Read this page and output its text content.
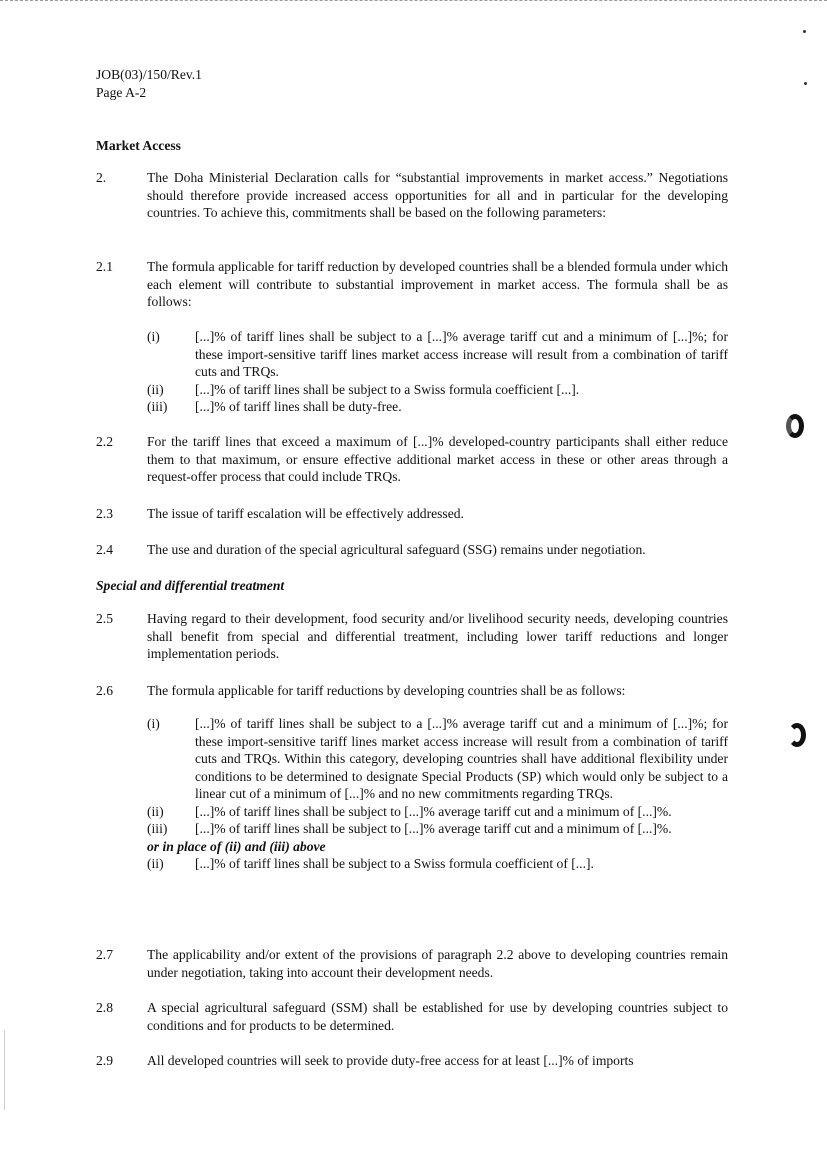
JOB(03)/150/Rev.1
Page A-2
Market Access
2.	The Doha Ministerial Declaration calls for “substantial improvements in market access.” Negotiations should therefore provide increased access opportunities for all and in particular for the developing countries. To achieve this, commitments shall be based on the following parameters:
2.1	The formula applicable for tariff reduction by developed countries shall be a blended formula under which each element will contribute to substantial improvement in market access. The formula shall be as follows:
(i)	[...]% of tariff lines shall be subject to a [...]% average tariff cut and a minimum of [...]%; for these import-sensitive tariff lines market access increase will result from a combination of tariff cuts and TRQs.
(ii) [...]% of tariff lines shall be subject to a Swiss formula coefficient [...].
(iii) [...]% of tariff lines shall be duty-free.
2.2	For the tariff lines that exceed a maximum of [...]% developed-country participants shall either reduce them to that maximum, or ensure effective additional market access in these or other areas through a request-offer process that could include TRQs.
2.3	The issue of tariff escalation will be effectively addressed.
2.4	The use and duration of the special agricultural safeguard (SSG) remains under negotiation.
Special and differential treatment
2.5	Having regard to their development, food security and/or livelihood security needs, developing countries shall benefit from special and differential treatment, including lower tariff reductions and longer implementation periods.
2.6	The formula applicable for tariff reductions by developing countries shall be as follows:
(i)	[...]% of tariff lines shall be subject to a [...]% average tariff cut and a minimum of [...]%; for these import-sensitive tariff lines market access increase will result from a combination of tariff cuts and TRQs. Within this category, developing countries shall have additional flexibility under conditions to be determined to designate Special Products (SP) which would only be subject to a linear cut of a minimum of [...]% and no new commitments regarding TRQs.
(ii) [...]% of tariff lines shall be subject to [...]% average tariff cut and a minimum of [...]%.
(iii) [...]% of tariff lines shall be subject to [...]% average tariff cut and a minimum of [...]%.
or in place of (ii) and (iii) above
(ii) [...]% of tariff lines shall be subject to a Swiss formula coefficient of [...].
2.7	The applicability and/or extent of the provisions of paragraph 2.2 above to developing countries remain under negotiation, taking into account their development needs.
2.8	A special agricultural safeguard (SSM) shall be established for use by developing countries subject to conditions and for products to be determined.
2.9	All developed countries will seek to provide duty-free access for at least [...]% of imports
